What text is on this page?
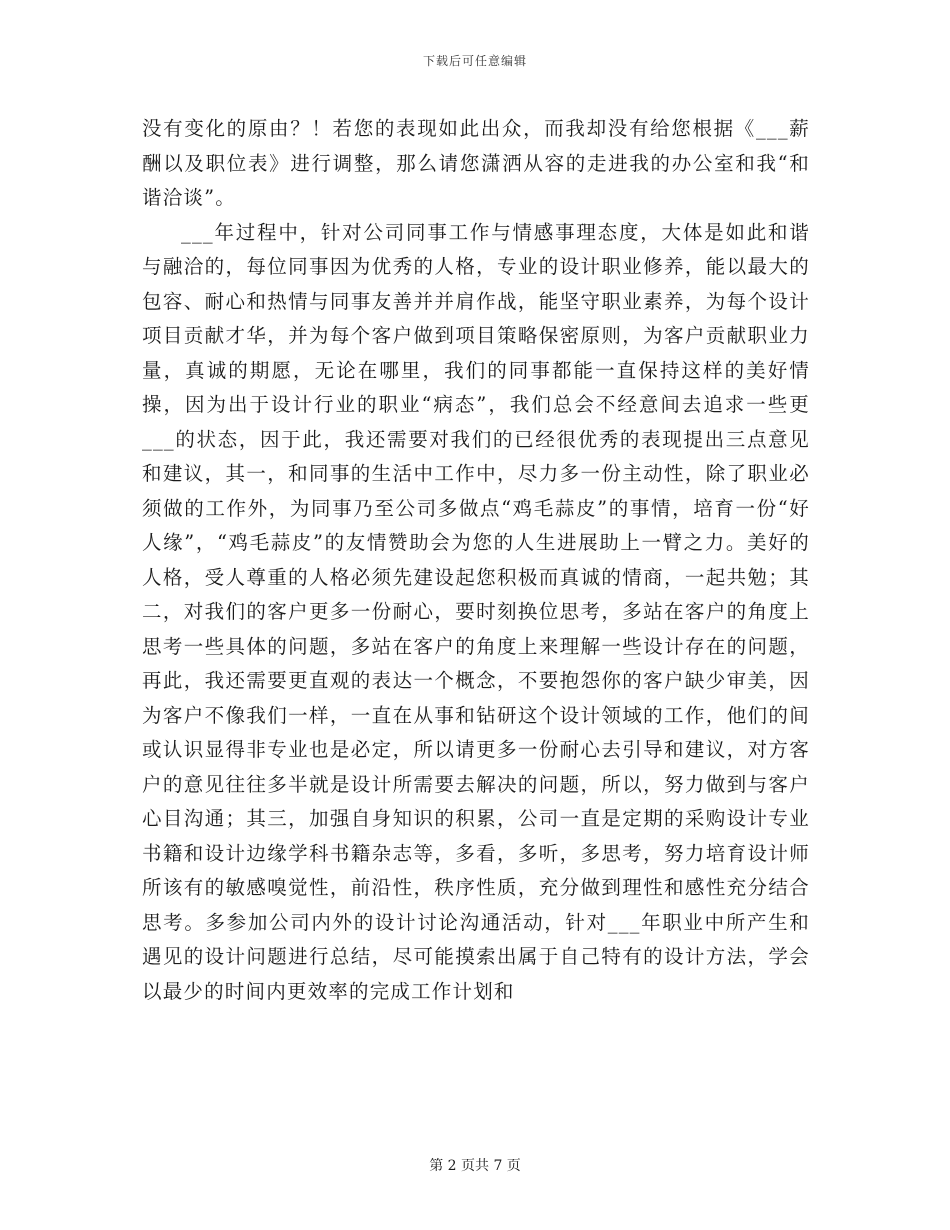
下载后可任意编辑

没有变化的原由？！若您的表现如此出众，而我却没有给您根据《___薪酬以及职位表》进行调整，那么请您潇洒从容的走进我的办公室和我“和谐洽谈”。

___年过程中，针对公司同事工作与情感事理态度，大体是如此和谐与融洽的，每位同事因为优秀的人格，专业的设计职业修养，能以最大的包容、耐心和热情与同事友善并并肩作战，能坚守职业素养，为每个设计项目贡献才华，并为每个客户做到项目策略保密原则，为客户贡献职业力量，真诚的期愿，无论在哪里，我们的同事都能一直保持这样的美好情操，因为出于设计行业的职业“病态”，我们总会不经意间去追求一些更___的状态，因于此，我还需要对我们的已经很优秀的表现提出三点意见和建议，其一，和同事的生活中工作中，尽力多一份主动性，除了职业必须做的工作外，为同事乃至公司多做点“鸡毛蒜皮”的事情，培育一份“好人缘”，“鸡毛蒜皮”的友情赞助会为您的人生进展助上一臂之力。美好的人格，受人尊重的人格必须先建设起您积极而真诚的情商，一起共勉；其二，对我们的客户更多一份耐心，要时刻换位思考，多站在客户的角度上思考一些具体的问题，多站在客户的角度上来理解一些设计存在的问题，再此，我还需要更直观的表达一个概念，不要抱怨你的客户缺少审美，因为客户不像我们一样，一直在从事和钻研这个设计领域的工作，他们的间或认识显得非专业也是必定，所以请更多一份耐心去引导和建议，对方客户的意见往往多半就是设计所需要去解决的问题，所以，努力做到与客户心目沟通；其三，加强自身知识的积累，公司一直是定期的采购设计专业书籍和设计边缘学科书籍杂志等，多看，多听，多思考，努力培育设计师所该有的敏感嗅觉性，前沿性，秩序性质，充分做到理性和感性充分结合思考。多参加公司内外的设计讨论沟通活动，针对___年职业中所产生和遇见的设计问题进行总结，尽可能摸索出属于自己特有的设计方法，学会以最少的时间内更效率的完成工作计划和

第 2 页共 7 页
